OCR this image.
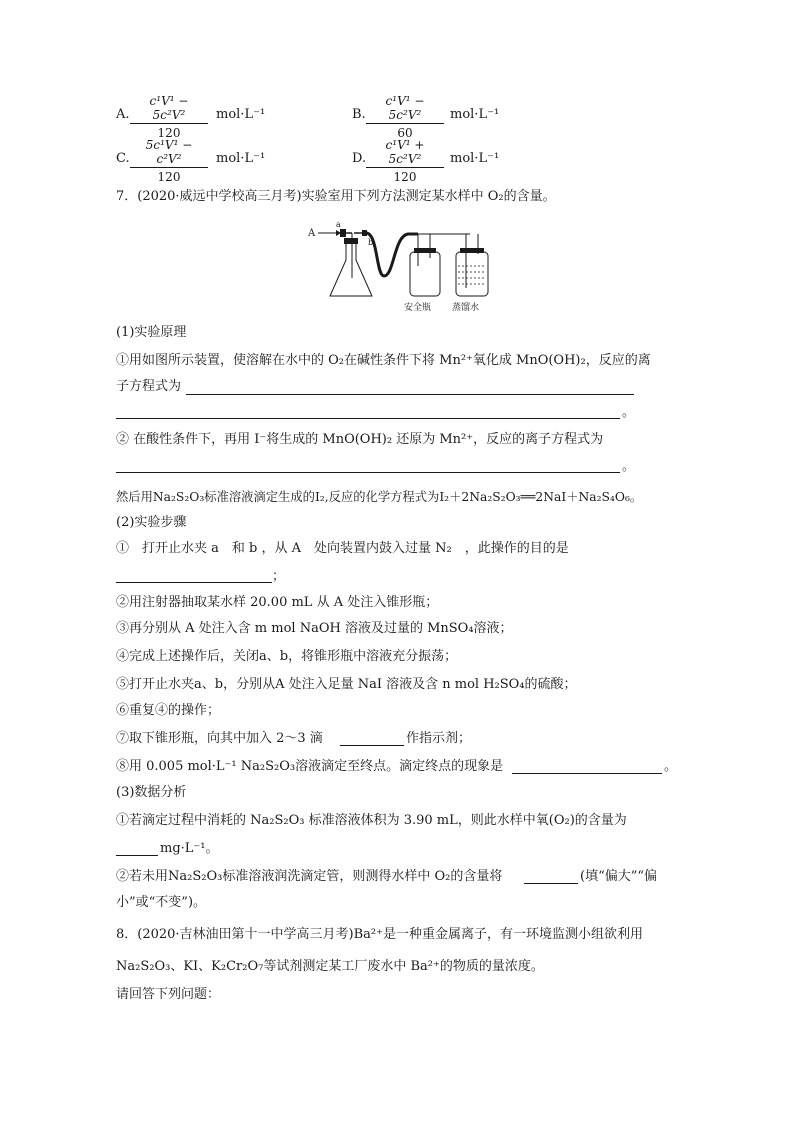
A.
c¹V¹ − 5c²V²
120
mol·L⁻¹	B.
c¹V¹ − 5c²V²
60
mol·L⁻¹
C.
5c¹V¹ − c²V²
120
mol·L⁻¹	D.
c¹V¹ + 5c²V²
120
mol·L⁻¹
7．(2020·威远中学校高三月考)实验室用下列方法测定某水样中 O₂的含量。
A
a
b
安全瓶 蒸馏水
(1)实验原理
①用如图所示装置，使溶解在水中的 O₂在碱性条件下将 Mn²⁺氧化成 MnO(OH)₂，反应的离
子方程式为
。
② 在酸性条件下，再用 I⁻将生成的 MnO(OH)₂ 还原为 Mn²⁺，反应的离子方程式为
。
然后用Na₂S₂O₃标准溶液滴定生成的I₂,反应的化学方程式为I₂＋2Na₂S₂O₃══2NaI＋Na₂S₄O₆。
(2)实验步骤
①　打开止水夹 a　和 b ，从 A　处向装置内鼓入过量 N₂　，此操作的目的是
；
②用注射器抽取某水样 20.00 mL 从 A 处注入锥形瓶；
③再分别从 A 处注入含 m mol NaOH 溶液及过量的 MnSO₄溶液；
④完成上述操作后，关闭a、b，将锥形瓶中溶液充分振荡；
⑤打开止水夹a、b，分别从A 处注入足量 NaI 溶液及含 n mol H₂SO₄的硫酸；
⑥重复④的操作；
⑦取下锥形瓶，向其中加入 2～3 滴	作指示剂；
⑧用 0.005 mol·L⁻¹ Na₂S₂O₃溶液滴定至终点。滴定终点的现象是	。
(3)数据分析
①若滴定过程中消耗的 Na₂S₂O₃ 标准溶液体积为 3.90 mL，则此水样中氧(O₂)的含量为
mg·L⁻¹。
②若未用Na₂S₂O₃标准溶液润洗滴定管，则测得水样中 O₂的含量将	(填“偏大”“偏
小”或“不变”)。
8．(2020·吉林油田第十一中学高三月考)Ba²⁺是一种重金属离子，有一环境监测小组欲利用
Na₂S₂O₃、KI、K₂Cr₂O₇等试剂测定某工厂废水中 Ba²⁺的物质的量浓度。
请回答下列问题：
